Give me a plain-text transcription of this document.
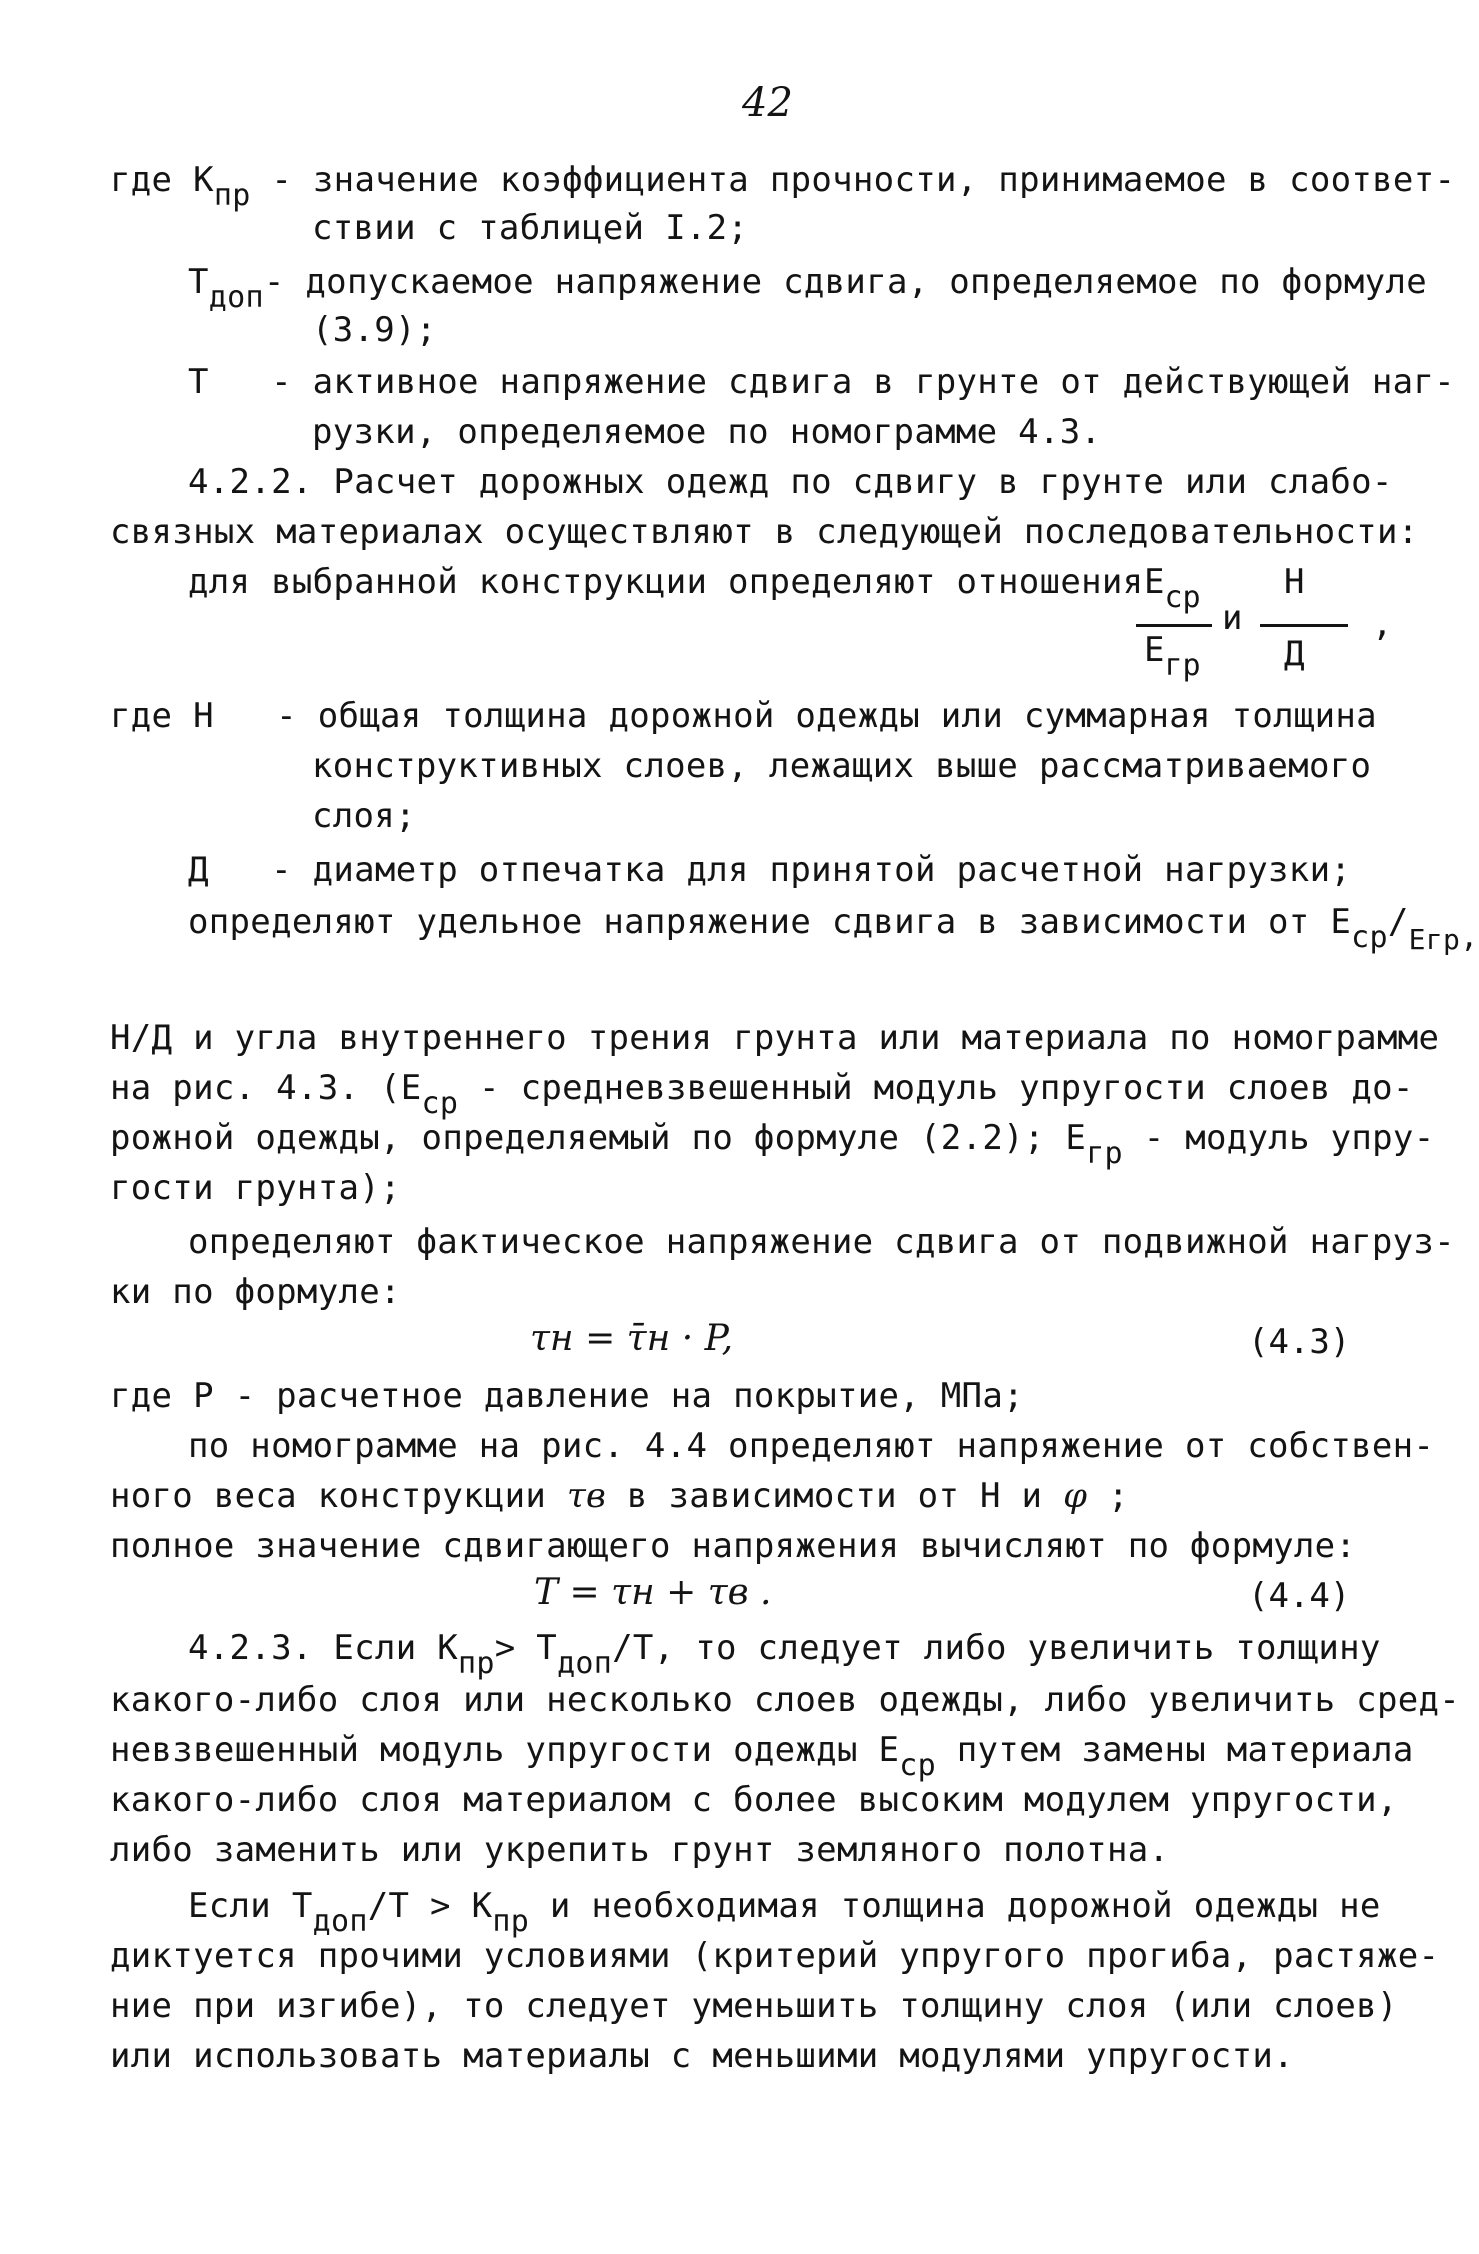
42
где Кпр - значение коэффициента прочности, принимаемое в соответ-
ствии с таблицей I.2;
Тдоп- допускаемое напряжение сдвига, определяемое по формуле
(3.9);
Т   - активное напряжение сдвига в грунте от действующей наг-
рузки, определяемое по номограмме 4.3.
4.2.2. Расчет дорожных одежд по сдвигу в грунте или слабо-
связных материалах осуществляют в следующей последовательности:
для выбранной конструкции определяют отношения Еср
Егр
и
Н
Д
,
где Н   - общая толщина дорожной одежды или суммарная толщина
конструктивных слоев, лежащих выше рассматриваемого
слоя;
Д   - диаметр отпечатка для принятой расчетной нагрузки;
определяют удельное напряжение сдвига в зависимости от Еср/$_{Егр}$,
Н/Д и угла внутреннего трения грунта или материала по номограмме
на рис. 4.3. (Еср - средневзвешенный модуль упругости слоев до-
рожной одежды, определяемый по формуле (2.2); Егр - модуль упру-
гости грунта);
определяют фактическое напряжение сдвига от подвижной нагруз-
ки по формуле:
τн = τ̄н · P,	(4.3)
где Р - расчетное давление на покрытие, МПа;
по номограмме на рис. 4.4 определяют напряжение от собствен-
ного веса конструкции τв в зависимости от Н и φ ;
полное значение сдвигающего напряжения вычисляют по формуле:
Т = τн + τв .	(4.4)
4.2.3. Если Кпр> Тдоп/Т, то следует либо увеличить толщину
какого-либо слоя или несколько слоев одежды, либо увеличить сред-
невзвешенный модуль упругости одежды Еср путем замены материала
какого-либо слоя материалом с более высоким модулем упругости,
либо заменить или укрепить грунт земляного полотна.
Если Тдоп/Т > Кпр и необходимая толщина дорожной одежды не
диктуется прочими условиями (критерий упругого прогиба, растяже-
ние при изгибе), то следует уменьшить толщину слоя (или слоев)
или использовать материалы с меньшими модулями упругости.
